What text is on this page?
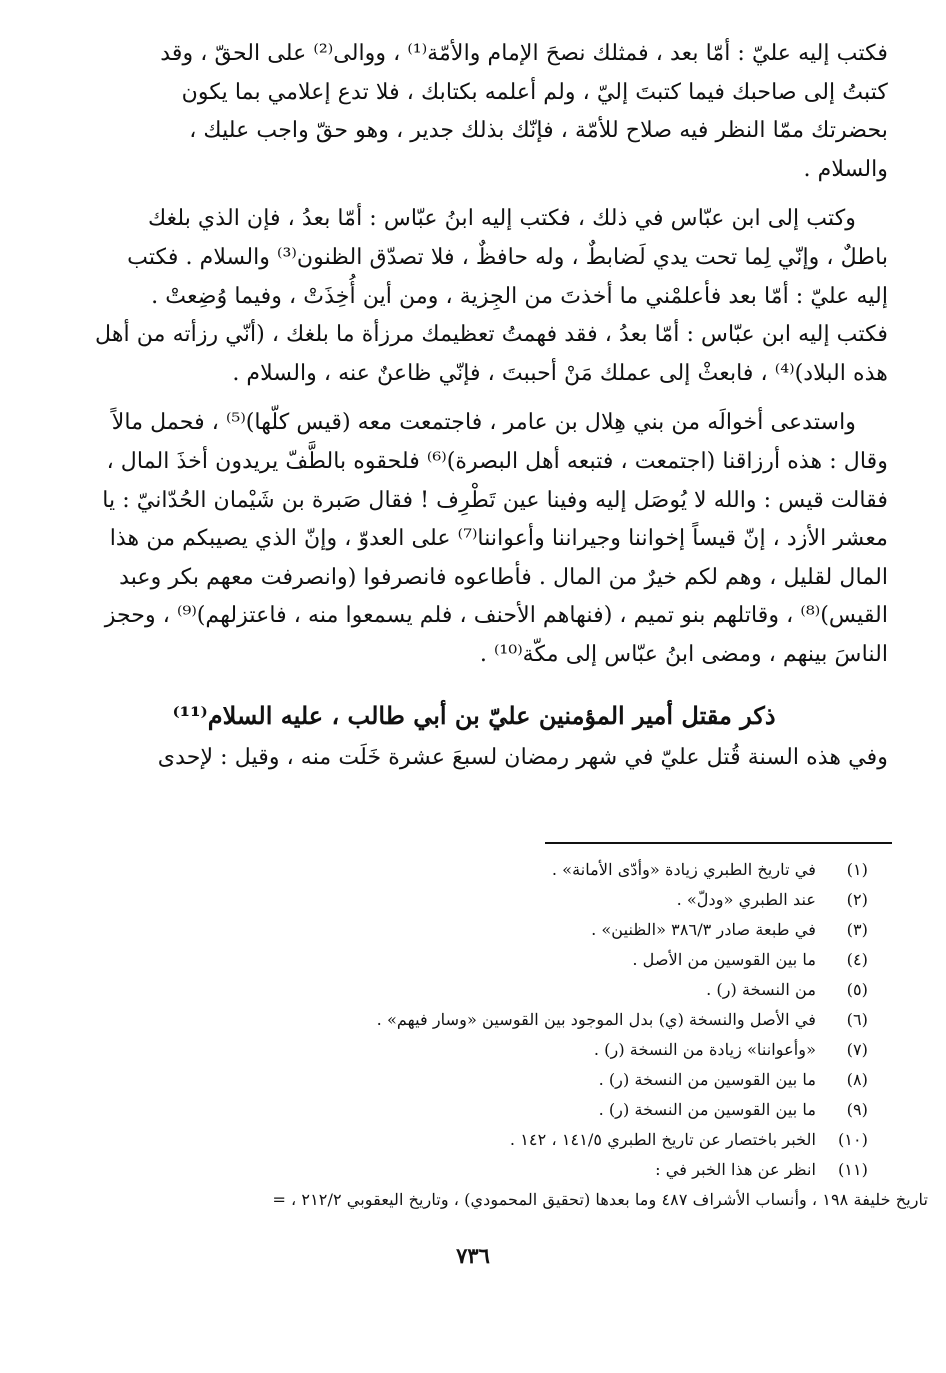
فكتب إليه عليّ : أمّا بعد ، فمثلك نصحَ الإمام والأمّة⁽¹⁾ ، ووالى⁽²⁾ على الحقّ ، وقد
كتبتُ إلى صاحبك فيما كتبتَ إليّ ، ولم أعلمه بكتابك ، فلا تدع إعلامي بما يكون
بحضرتك ممّا النظر فيه صلاح للأمّة ، فإنّك بذلك جدير ، وهو حقّ واجب عليك ،
والسلام .

وكتب إلى ابن عبّاس في ذلك ، فكتب إليه ابنُ عبّاس : أمّا بعدُ ، فإن الذي بلغك
باطلٌ ، وإنّي لِما تحت يدي لَضابطٌ ، وله حافظٌ ، فلا تصدّق الظنون⁽³⁾ والسلام . فكتب
إليه عليّ : أمّا بعد فأعلمْني ما أخذتَ من الجِزية ، ومن أين أُخِذَتْ ، وفيما وُضِعتْ .
فكتب إليه ابن عبّاس : أمّا بعدُ ، فقد فهمتُ تعظيمك مرزأة ما بلغك ، (أنّي رزأته من أهل
هذه البلاد)⁽⁴⁾ ، فابعثْ إلى عملك مَنْ أحببتَ ، فإنّي ظاعنٌ عنه ، والسلام .

واستدعى أخوالَه من بني هِلال بن عامر ، فاجتمعت معه (قيس كلّها)⁽⁵⁾ ، فحمل مالاً
وقال : هذه أرزاقنا (اجتمعت ، فتبعه أهل البصرة)⁽⁶⁾ فلحقوه بالطَّفّ يريدون أخذَ المال ،
فقالت قيس : والله لا يُوصَل إليه وفينا عين تَطْرِف ! فقال صَبرة بن شَيْمان الحُدّانيّ : يا
معشر الأزد ، إنّ قيساً إخواننا وجيراننا وأعواننا⁽⁷⁾ على العدوّ ، وإنّ الذي يصيبكم من هذا
المال لقليل ، وهم لكم خيرٌ من المال . فأطاعوه فانصرفوا (وانصرفت معهم بكر وعبد
القيس)⁽⁸⁾ ، وقاتلهم بنو تميم ، (فنهاهم الأحنف ، فلم يسمعوا منه ، فاعتزلهم)⁽⁹⁾ ، وحجز
الناسَ بينهم ، ومضى ابنُ عبّاس إلى مكّة⁽¹⁰⁾ .

ذكر مقتل أمير المؤمنين عليّ بن أبي طالب ، عليه السلام⁽¹¹⁾

وفي هذه السنة قُتل عليّ في شهر رمضان لسبعَ عشرة خَلَت منه ، وقيل : لإحدى

(١)
في تاريخ الطبري زيادة «وأدّى الأمانة» .
(٢)
عند الطبري «ودلّ» .
(٣)
في طبعة صادر ٣٨٦/٣ «الظنين» .
(٤)
ما بين القوسين من الأصل .
(٥)
من النسخة (ر) .
(٦)
في الأصل والنسخة (ي) بدل الموجود بين القوسين «وسار فيهم» .
(٧)
«وأعواننا» زيادة من النسخة (ر) .
(٨)
ما بين القوسين من النسخة (ر) .
(٩)
ما بين القوسين من النسخة (ر) .
(١٠)
الخبر باختصار عن تاريخ الطبري ١٤١/٥ ، ١٤٢ .
(١١)
انظر عن هذا الخبر في :
تاريخ خليفة ١٩٨ ، وأنساب الأشراف ٤٨٧ وما بعدها (تحقيق المحمودي) ، وتاريخ اليعقوبي ٢١٢/٢ ، =
٧٣٦
